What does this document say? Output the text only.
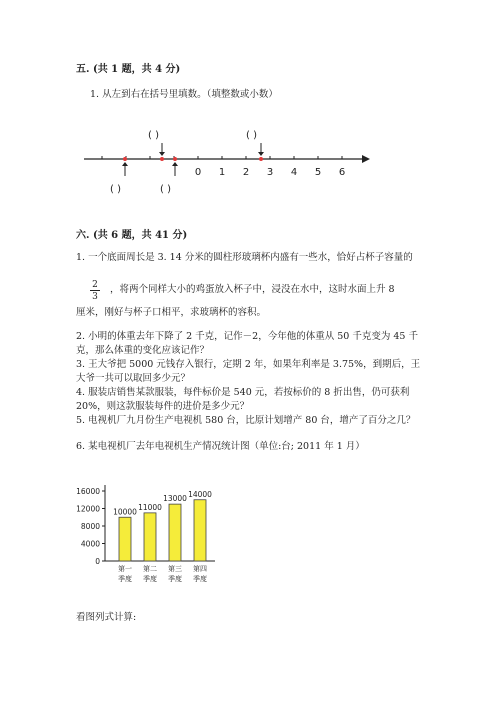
五. (共 1 题，共 4 分)
1. 从左到右在括号里填数。（填整数或小数）
0 1 2 3 4 5 6
( )	( )
( )	( )
六. (共 6 题，共 41 分)
1. 一个底面周长是 3. 14 分米的圆柱形玻璃杯内盛有一些水，恰好占杯子容量的
2
3
，将两个同样大小的鸡蛋放入杯子中，浸没在水中，这时水面上升 8
厘米，刚好与杯子口相平，求玻璃杯的容积。
2. 小明的体重去年下降了 2 千克，记作－2，今年他的体重从 50 千克变为 45 千
克，那么体重的变化应该记作？
3. 王大爷把 5000 元钱存入银行，定期 2 年，如果年利率是 3.75%，到期后，王
大爷一共可以取回多少元？
4. 服装店销售某款服装，每件标价是 540 元，若按标价的 8 折出售，仍可获利
20%，则这款服装每件的进价是多少元？
5. 电视机厂九月份生产电视机 580 台，比原计划增产 80 台，增产了百分之几？
6. 某电视机厂去年电视机生产情况统计图（单位:台; 2011 年 1 月）
0
4000
8000
12000
16000
10000
第一
季度
11000
第二
季度
13000
第三
季度
14000
第四
季度
看图列式计算:
